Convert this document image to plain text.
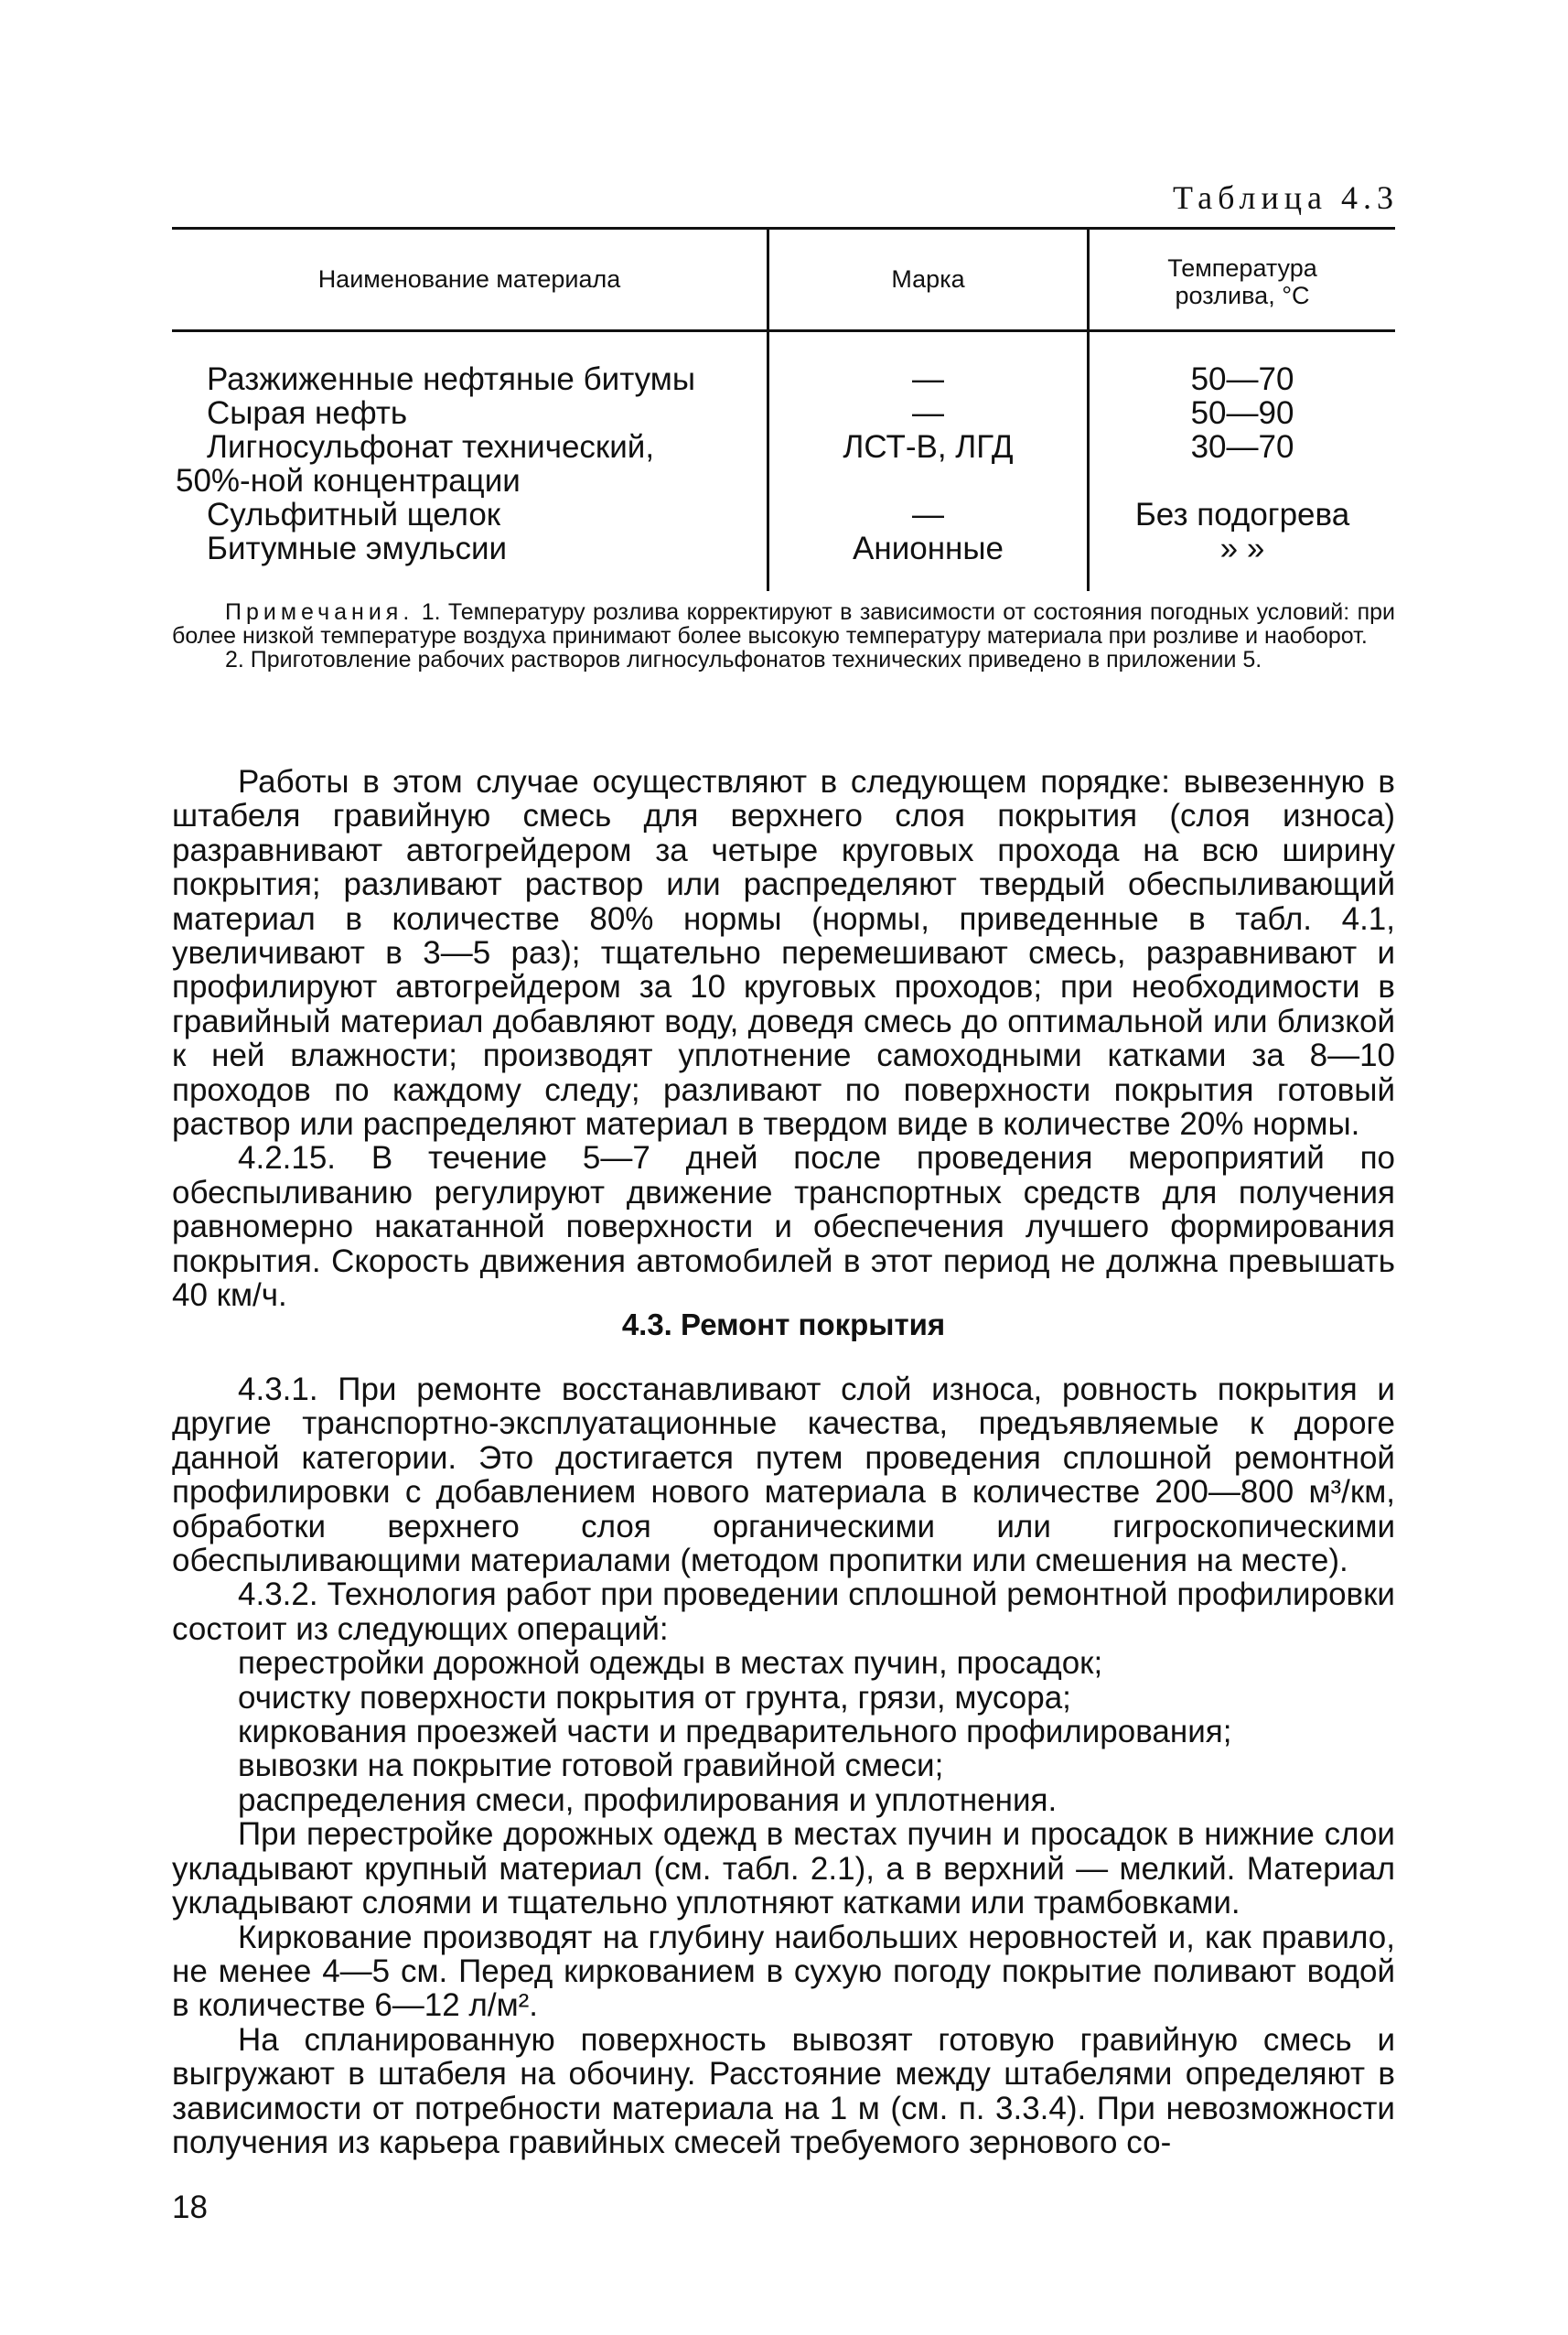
Таблица 4.3
Наименование материала	Марка	Температура
розлива, °С
Разжиженные нефтяные битумы
Сырая нефть
Лигносульфонат технический,
50%-ной концентрации
Сульфитный щелок
Битумные эмульсии
—
—
ЛСТ-В, ЛГД
—
Анионные
50—70
50—90
30—70
Без подогрева
» »

Примечания. 1. Температуру розлива корректируют в зависимости от состояния погодных условий: при более низкой температуре воздуха принимают более высокую температуру материала при розливе и наоборот.

2. Приготовление рабочих растворов лигносульфонатов технических приведено в приложении 5.

Работы в этом случае осуществляют в следующем порядке: вывезенную в штабеля гравийную смесь для верхнего слоя покрытия (слоя износа) разравнивают автогрейдером за четыре круговых прохода на всю ширину покрытия; разливают раствор или распределяют твердый обеспыливающий материал в количестве 80% нормы (нормы, приведенные в табл. 4.1, увеличивают в 3—5 раз); тщательно перемешивают смесь, разравнивают и профилируют автогрейдером за 10 круговых проходов; при необходимости в гравийный материал добавляют воду, доведя смесь до оптимальной или близкой к ней влажности; производят уплотнение самоходными катками за 8—10 проходов по каждому следу; разливают по поверхности покрытия готовый раствор или распределяют материал в твердом виде в количестве 20% нормы.

4.2.15. В течение 5—7 дней после проведения мероприятий по обеспыливанию регулируют движение транспортных средств для получения равномерно накатанной поверхности и обеспечения лучшего формирования покрытия. Скорость движения автомобилей в этот период не должна превышать 40 км/ч.

4.3. Ремонт покрытия

4.3.1. При ремонте восстанавливают слой износа, ровность покрытия и другие транспортно-эксплуатационные качества, предъявляемые к дороге данной категории. Это достигается путем проведения сплошной ремонтной профилировки с добавлением нового материала в количестве 200—800 м³/км, обработки верхнего слоя органическими или гигроскопическими обеспыливающими материалами (методом пропитки или смешения на месте).

4.3.2. Технология работ при проведении сплошной ремонтной профилировки состоит из следующих операций:

перестройки дорожной одежды в местах пучин, просадок;

очистку поверхности покрытия от грунта, грязи, мусора;

киркования проезжей части и предварительного профилирования;

вывозки на покрытие готовой гравийной смеси;

распределения смеси, профилирования и уплотнения.

При перестройке дорожных одежд в местах пучин и просадок в нижние слои укладывают крупный материал (см. табл. 2.1), а в верхний — мелкий. Материал укладывают слоями и тщательно уплотняют катками или трамбовками.

Киркование производят на глубину наибольших неровностей и, как правило, не менее 4—5 см. Перед киркованием в сухую погоду покрытие поливают водой в количестве 6—12 л/м².

На спланированную поверхность вывозят готовую гравийную смесь и выгружают в штабеля на обочину. Расстояние между штабелями определяют в зависимости от потребности материала на 1 м (см. п. 3.3.4). При невозможности получения из карьера гравийных смесей требуемого зернового со-

18
